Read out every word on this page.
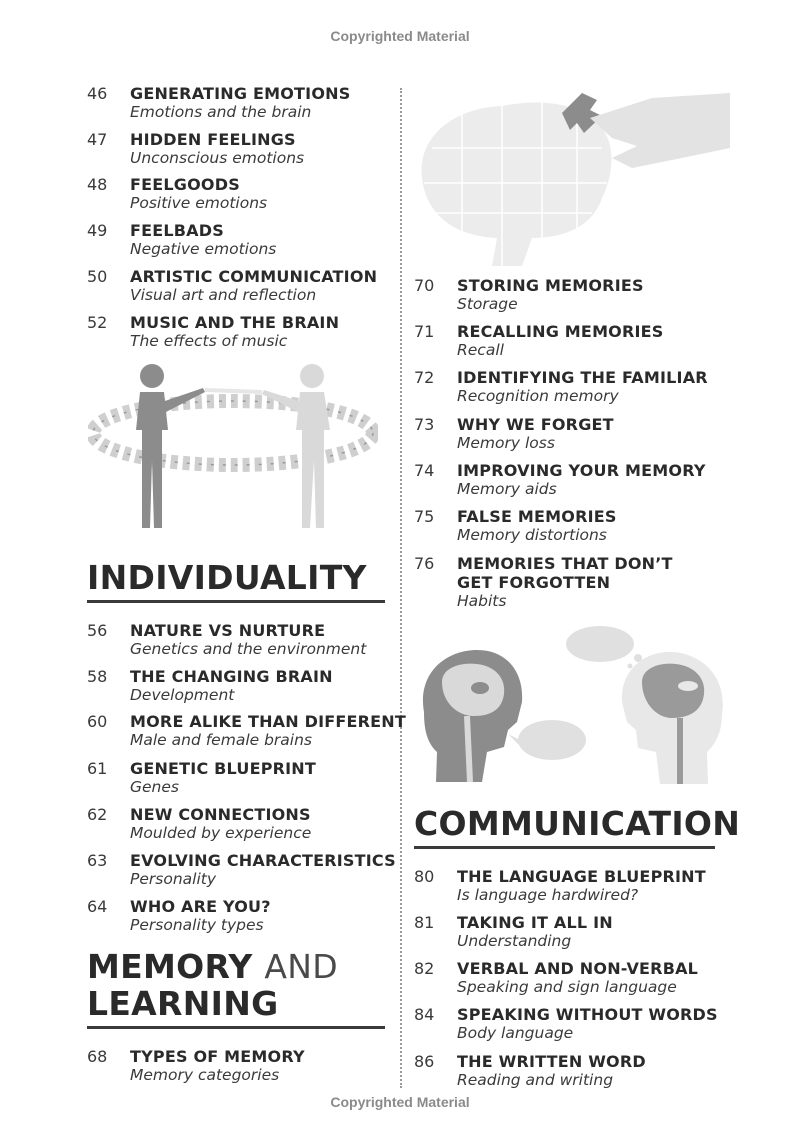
Copyrighted Material
46 GENERATING EMOTIONS
Emotions and the brain
47 HIDDEN FEELINGS
Unconscious emotions
48 FEELGOODS
Positive emotions
49 FEELBADS
Negative emotions
50 ARTISTIC COMMUNICATION
Visual art and reflection
52 MUSIC AND THE BRAIN
The effects of music
INDIVIDUALITY
56 NATURE VS NURTURE
Genetics and the environment
58 THE CHANGING BRAIN
Development
60 MORE ALIKE THAN DIFFERENT
Male and female brains
61 GENETIC BLUEPRINT
Genes
62 NEW CONNECTIONS
Moulded by experience
63 EVOLVING CHARACTERISTICS
Personality
64 WHO ARE YOU?
Personality types
MEMORY AND
LEARNING
68 TYPES OF MEMORY
Memory categories
70 STORING MEMORIES
Storage
71 RECALLING MEMORIES
Recall
72 IDENTIFYING THE FAMILIAR
Recognition memory
73 WHY WE FORGET
Memory loss
74 IMPROVING YOUR MEMORY
Memory aids
75 FALSE MEMORIES
Memory distortions
76 MEMORIES THAT DON’T GET FORGOTTEN
Habits
COMMUNICATION
80 THE LANGUAGE BLUEPRINT
Is language hardwired?
81 TAKING IT ALL IN
Understanding
82 VERBAL AND NON-VERBAL
Speaking and sign language
84 SPEAKING WITHOUT WORDS
Body language
86 THE WRITTEN WORD
Reading and writing
Copyrighted Material
